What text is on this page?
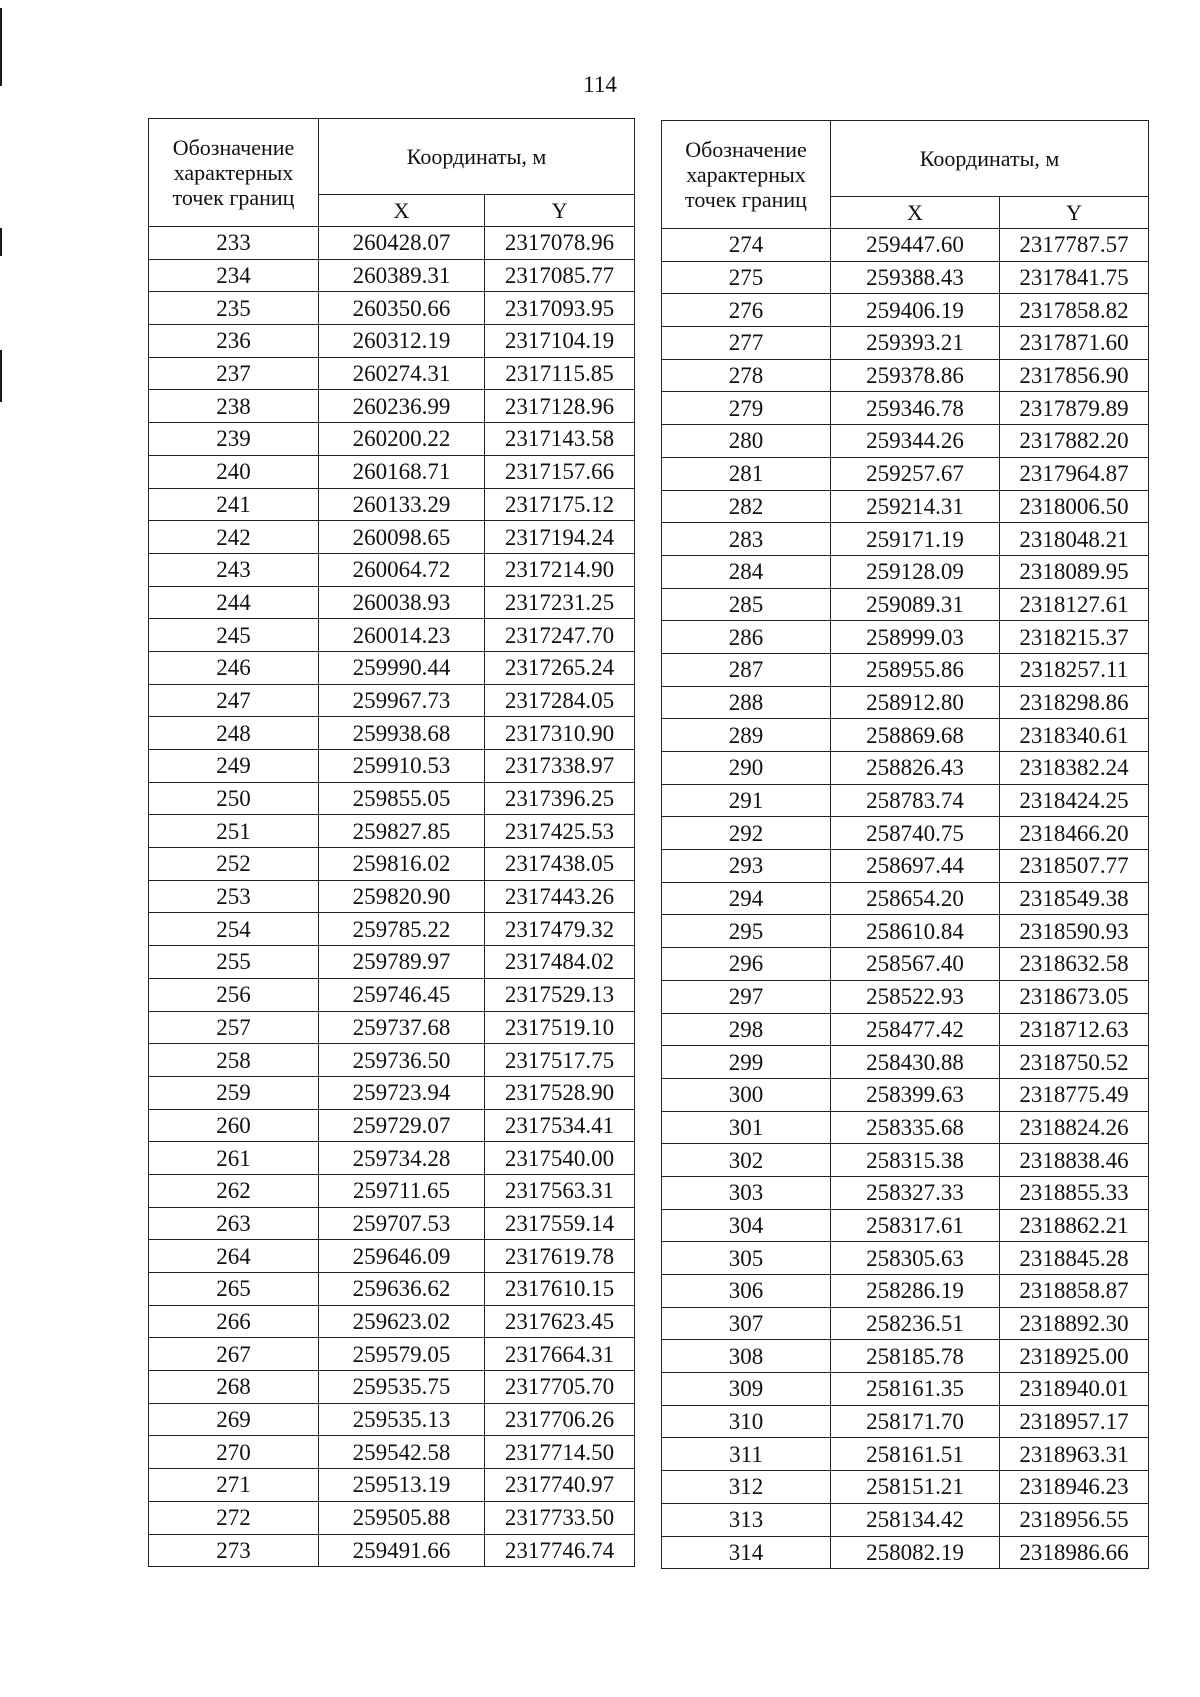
114
Обозначение характерных точек границ	Координаты, м	
	X	Y
233	260428.07	2317078.96
234	260389.31	2317085.77
235	260350.66	2317093.95
236	260312.19	2317104.19
237	260274.31	2317115.85
238	260236.99	2317128.96
239	260200.22	2317143.58
240	260168.71	2317157.66
241	260133.29	2317175.12
242	260098.65	2317194.24
243	260064.72	2317214.90
244	260038.93	2317231.25
245	260014.23	2317247.70
246	259990.44	2317265.24
247	259967.73	2317284.05
248	259938.68	2317310.90
249	259910.53	2317338.97
250	259855.05	2317396.25
251	259827.85	2317425.53
252	259816.02	2317438.05
253	259820.90	2317443.26
254	259785.22	2317479.32
255	259789.97	2317484.02
256	259746.45	2317529.13
257	259737.68	2317519.10
258	259736.50	2317517.75
259	259723.94	2317528.90
260	259729.07	2317534.41
261	259734.28	2317540.00
262	259711.65	2317563.31
263	259707.53	2317559.14
264	259646.09	2317619.78
265	259636.62	2317610.15
266	259623.02	2317623.45
267	259579.05	2317664.31
268	259535.75	2317705.70
269	259535.13	2317706.26
270	259542.58	2317714.50
271	259513.19	2317740.97
272	259505.88	2317733.50
273	259491.66	2317746.74
Обозначение характерных точек границ	Координаты, м	
	X	Y
274	259447.60	2317787.57
275	259388.43	2317841.75
276	259406.19	2317858.82
277	259393.21	2317871.60
278	259378.86	2317856.90
279	259346.78	2317879.89
280	259344.26	2317882.20
281	259257.67	2317964.87
282	259214.31	2318006.50
283	259171.19	2318048.21
284	259128.09	2318089.95
285	259089.31	2318127.61
286	258999.03	2318215.37
287	258955.86	2318257.11
288	258912.80	2318298.86
289	258869.68	2318340.61
290	258826.43	2318382.24
291	258783.74	2318424.25
292	258740.75	2318466.20
293	258697.44	2318507.77
294	258654.20	2318549.38
295	258610.84	2318590.93
296	258567.40	2318632.58
297	258522.93	2318673.05
298	258477.42	2318712.63
299	258430.88	2318750.52
300	258399.63	2318775.49
301	258335.68	2318824.26
302	258315.38	2318838.46
303	258327.33	2318855.33
304	258317.61	2318862.21
305	258305.63	2318845.28
306	258286.19	2318858.87
307	258236.51	2318892.30
308	258185.78	2318925.00
309	258161.35	2318940.01
310	258171.70	2318957.17
311	258161.51	2318963.31
312	258151.21	2318946.23
313	258134.42	2318956.55
314	258082.19	2318986.66
